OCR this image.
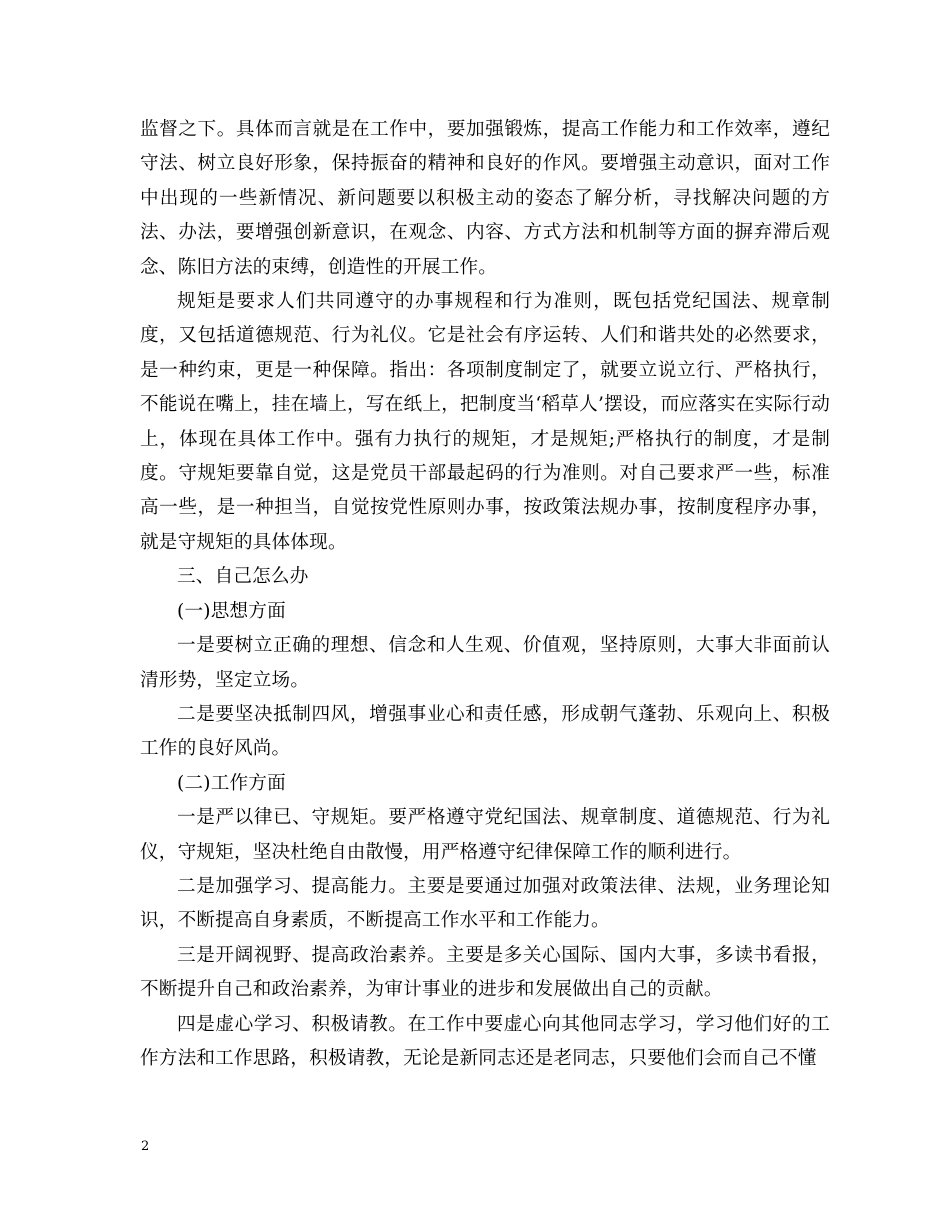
监督之下。具体而言就是在工作中，要加强锻炼，提高工作能力和工作效率，遵纪守法、树立良好形象，保持振奋的精神和良好的作风。要增强主动意识，面对工作中出现的一些新情况、新问题要以积极主动的姿态了解分析，寻找解决问题的方法、办法，要增强创新意识，在观念、内容、方式方法和机制等方面的摒弃滞后观念、陈旧方法的束缚，创造性的开展工作。

规矩是要求人们共同遵守的办事规程和行为准则，既包括党纪国法、规章制度，又包括道德规范、行为礼仪。它是社会有序运转、人们和谐共处的必然要求，是一种约束，更是一种保障。指出：各项制度制定了，就要立说立行、严格执行，不能说在嘴上，挂在墙上，写在纸上，把制度当‘稻草人’摆设，而应落实在实际行动上，体现在具体工作中。强有力执行的规矩，才是规矩;严格执行的制度，才是制度。守规矩要靠自觉，这是党员干部最起码的行为准则。对自己要求严一些，标准高一些，是一种担当，自觉按党性原则办事，按政策法规办事，按制度程序办事，就是守规矩的具体体现。

三、自己怎么办

(一)思想方面

一是要树立正确的理想、信念和人生观、价值观，坚持原则，大事大非面前认清形势，坚定立场。

二是要坚决抵制四风，增强事业心和责任感，形成朝气蓬勃、乐观向上、积极工作的良好风尚。

(二)工作方面

一是严以律已、守规矩。要严格遵守党纪国法、规章制度、道德规范、行为礼仪，守规矩，坚决杜绝自由散慢，用严格遵守纪律保障工作的顺利进行。

二是加强学习、提高能力。主要是要通过加强对政策法律、法规，业务理论知识，不断提高自身素质，不断提高工作水平和工作能力。

三是开阔视野、提高政治素养。主要是多关心国际、国内大事，多读书看报，不断提升自己和政治素养，为审计事业的进步和发展做出自己的贡献。

四是虚心学习、积极请教。在工作中要虚心向其他同志学习，学习他们好的工作方法和工作思路，积极请教，无论是新同志还是老同志，只要他们会而自己不懂

2
